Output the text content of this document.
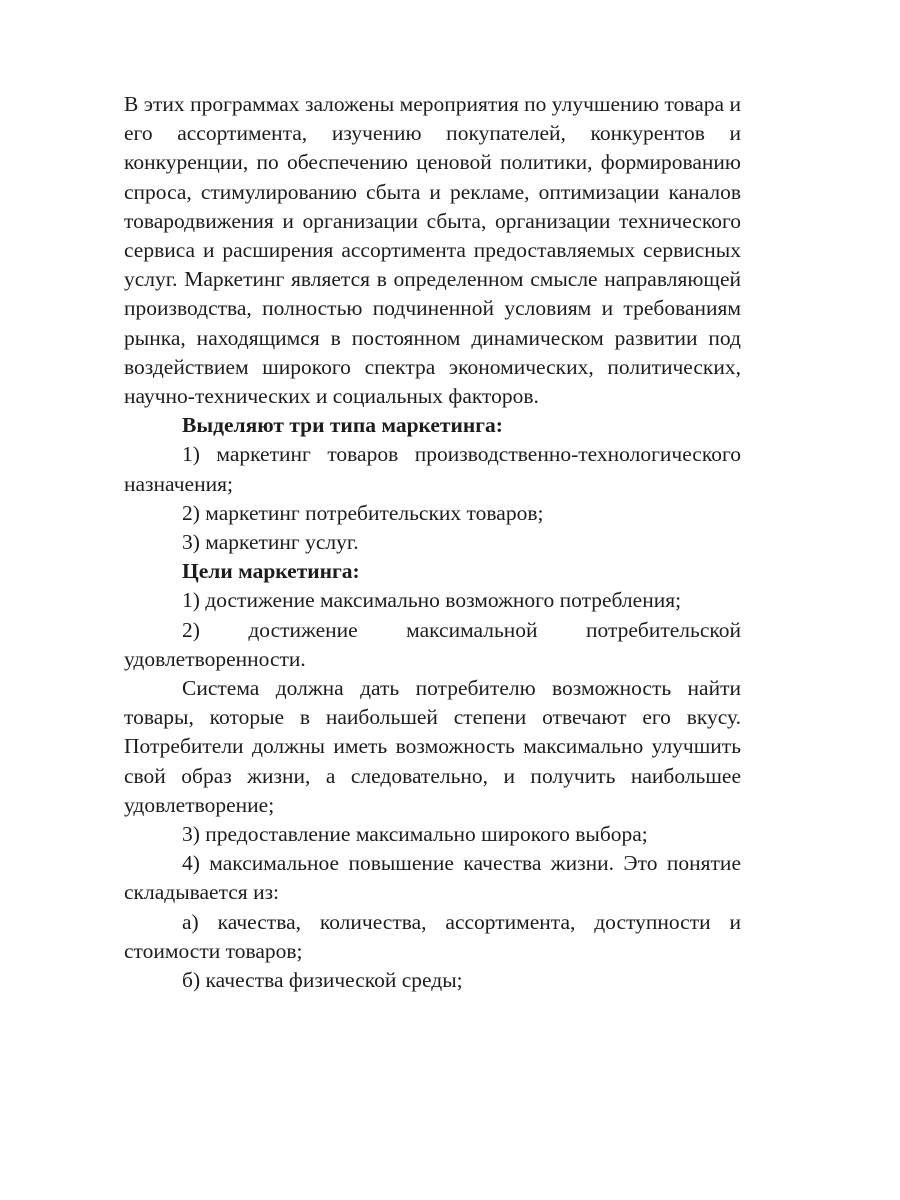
В этих программах заложены мероприятия по улучшению товара и его ассортимента, изучению покупателей, конкурентов и конкуренции, по обеспечению ценовой политики, формированию спроса, стимулированию сбыта и рекламе, оптимизации каналов товародвижения и организации сбыта, организации технического сервиса и расширения ассортимента предоставляемых сервисных услуг. Маркетинг является в определенном смысле направляющей производства, полностью подчиненной условиям и требованиям рынка, находящимся в постоянном динамическом развитии под воздействием широкого спектра экономических, политических, научно-технических и социальных факторов.

Выделяют три типа маркетинга:

1) маркетинг товаров производственно-технологического назначения;

2) маркетинг потребительских товаров;

3) маркетинг услуг.

Цели маркетинга:

1) достижение максимально возможного потребления;

2) достижение максимальной потребительской удовлетворенности.

Система должна дать потребителю возможность найти товары, которые в наибольшей степени отвечают его вкусу. Потребители должны иметь возможность максимально улучшить свой образ жизни, а следовательно, и получить наибольшее удовлетворение;

3) предоставление максимально широкого выбора;

4) максимальное повышение качества жизни. Это понятие складывается из:

а) качества, количества, ассортимента, доступности и стоимости товаров;

б) качества физической среды;
